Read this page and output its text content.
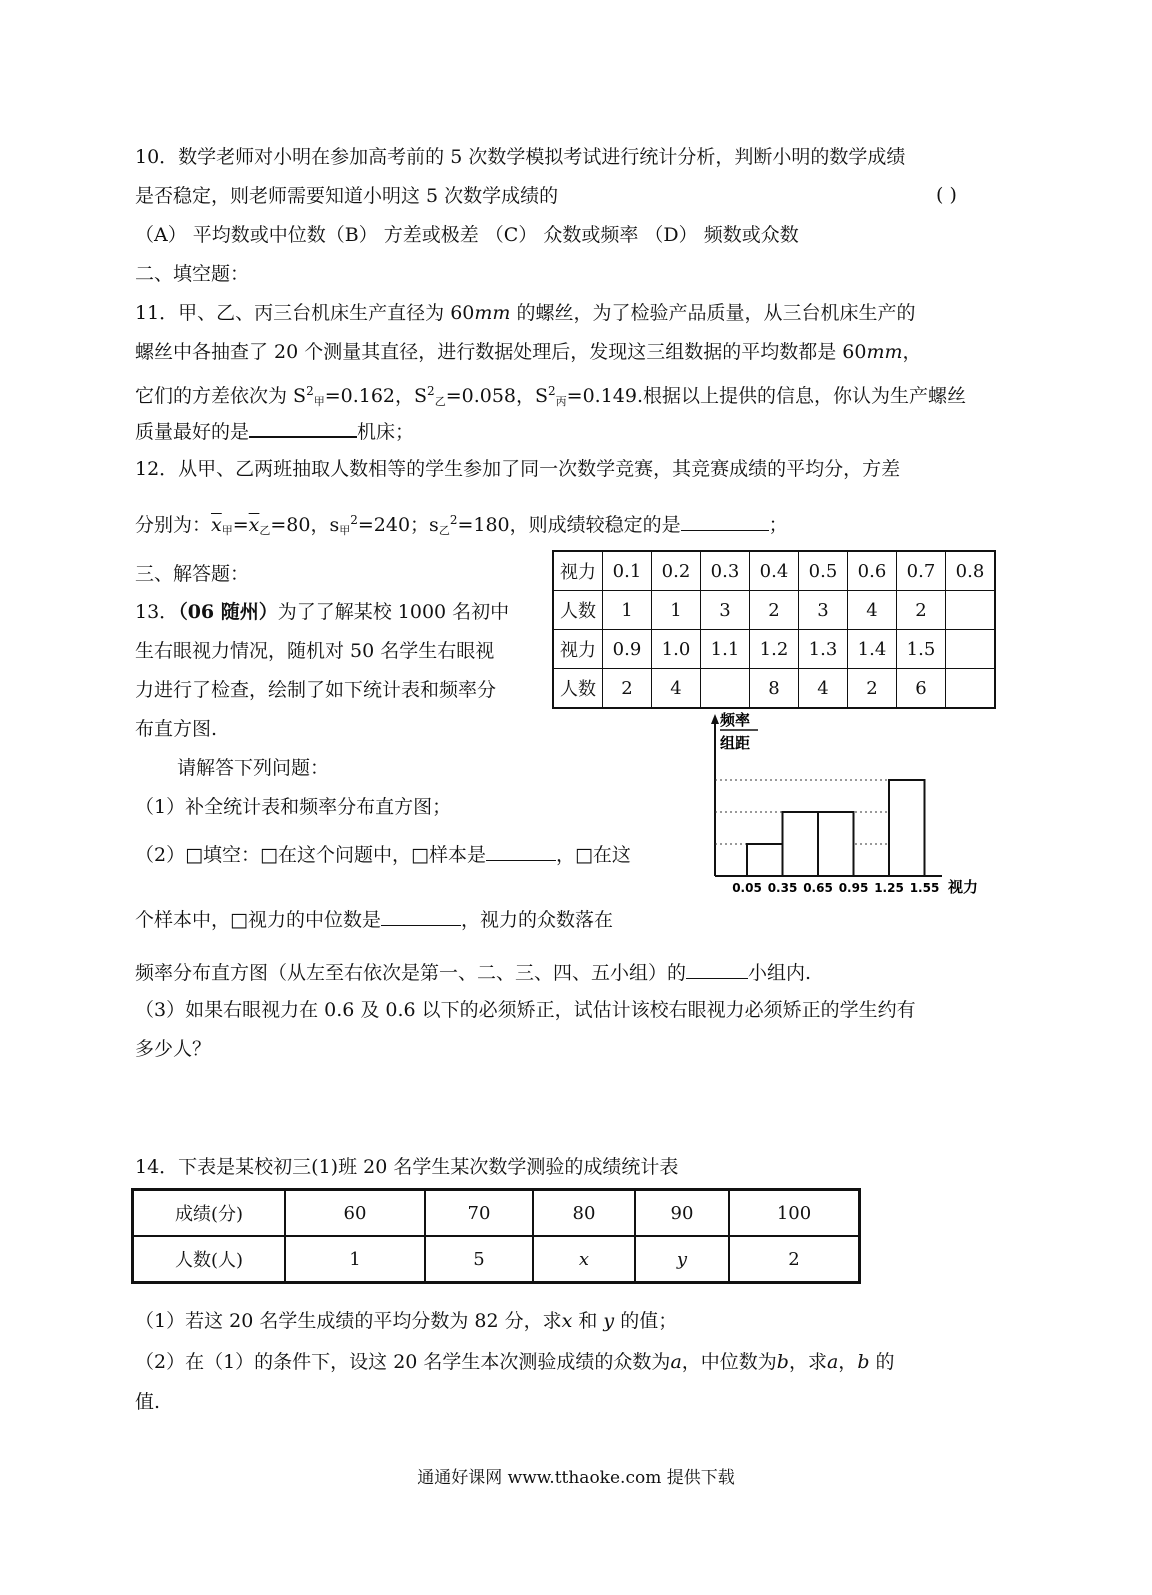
10．数学老师对小明在参加高考前的 5 次数学模拟考试进行统计分析，判断小明的数学成绩
是否稳定，则老师需要知道小明这 5 次数学成绩的	( )
（A） 平均数或中位数（B） 方差或极差 （C） 众数或频率 （D） 频数或众数
二、填空题：
11．甲、乙、丙三台机床生产直径为 60mm 的螺丝，为了检验产品质量，从三台机床生产的
螺丝中各抽查了 20 个测量其直径，进行数据处理后，发现这三组数据的平均数都是 60mm，
它们的方差依次为 $S^2_甲=0.162$，$S^2_乙=0.058$，$S^2_丙=0.149$.根据以上提供的信息，你认为生产螺丝
质量最好的是	机床；
12．从甲、乙两班抽取人数相等的学生参加了同一次数学竞赛，其竞赛成绩的平均分，方差
分别为：$\overline{x}_甲=\overline{x}_乙=80$，$s_甲^2=240$；$s_乙^2=180$，则成绩较稳定的是	；
三、解答题：
13．（06 随州）为了了解某校 1000 名初中
生右眼视力情况，随机对 50 名学生右眼视
力进行了检查，绘制了如下统计表和频率分
布直方图.
请解答下列问题：
（1）补全统计表和频率分布直方图；
（2）□填空：□在这个问题中，□样本是	，□在这
个样本中，□视力的中位数是	，视力的众数落在
频率分布直方图（从左至右依次是第一、二、三、四、五小组）的	小组内.
（3）如果右眼视力在 0.6 及 0.6 以下的必须矫正，试估计该校右眼视力必须矫正的学生约有
多少人？
视力	0.1	0.2	0.3	0.4	0.5	0.6	0.7	0.8
人数	1	1	3	2	3	4	2	
视力	0.9	1.0	1.1	1.2	1.3	1.4	1.5	
人数	2	4		8	4	2	6	
频率
组距
0.05 0.35 0.65 0.95 1.25 1.55 视力
14．下表是某校初三(1)班 20 名学生某次数学测验的成绩统计表
成绩(分)	60	70	80	90	100
人数(人)	1	5	x	y	2
（1）若这 20 名学生成绩的平均分数为 82 分，求x 和 y 的值；
（2）在（1）的条件下，设这 20 名学生本次测验成绩的众数为a，中位数为b，求a，b 的
值.
通通好课网 www.tthaoke.com 提供下载
